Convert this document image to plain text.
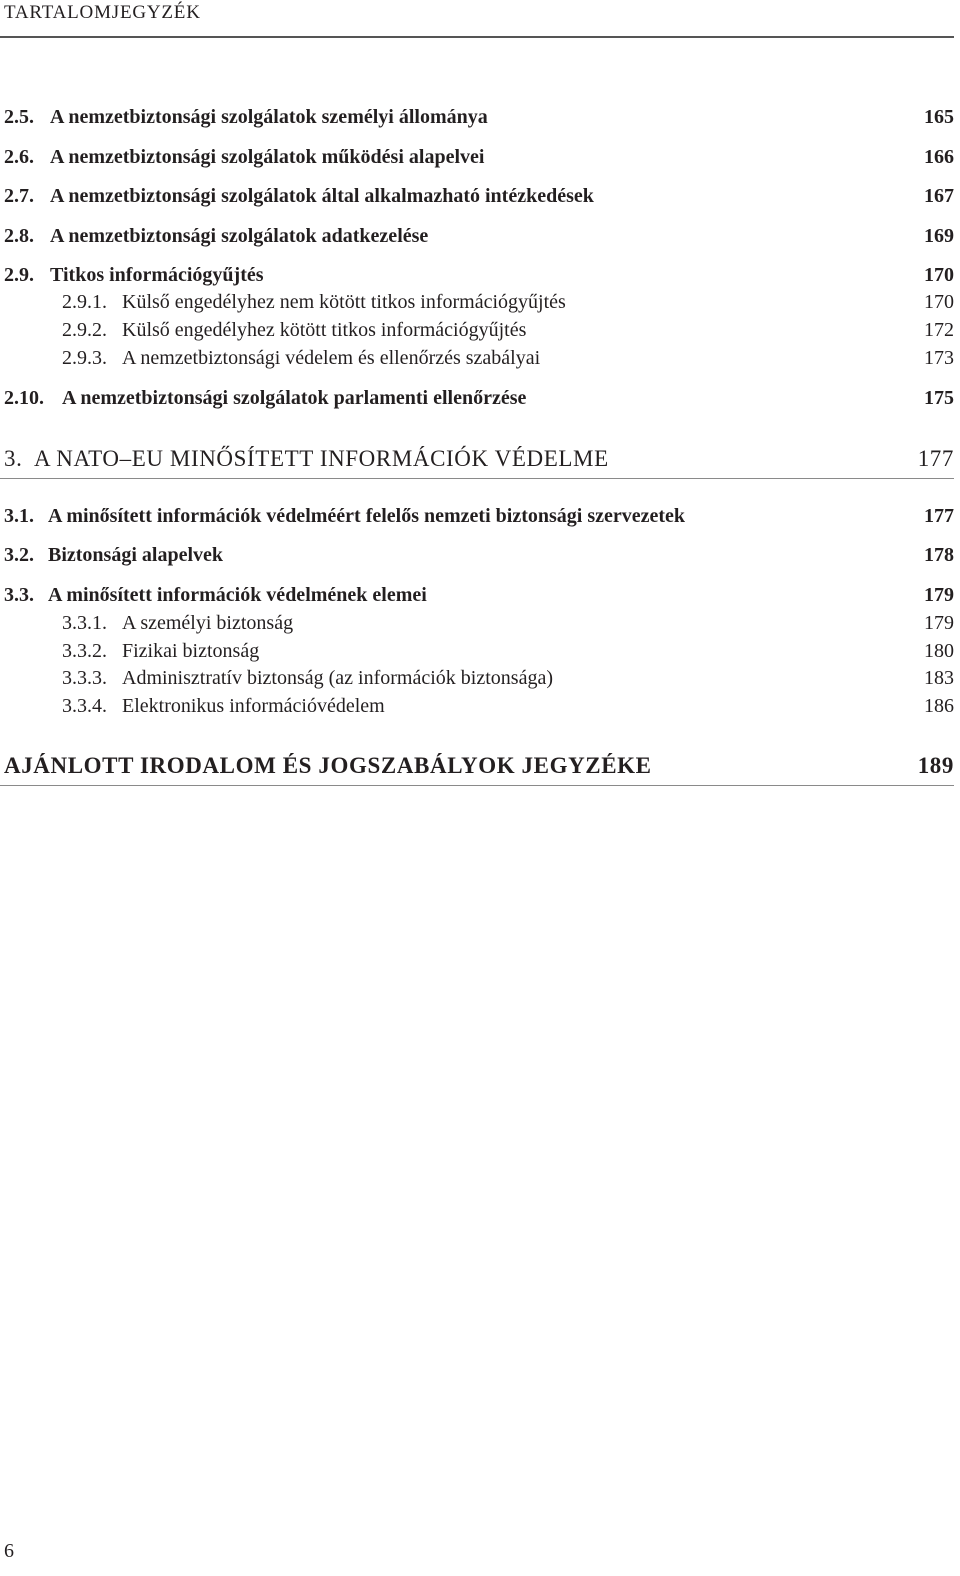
TARTALOMJEGYZÉK
2.5. A nemzetbiztonsági szolgálatok személyi állománya	165
2.6. A nemzetbiztonsági szolgálatok működési alapelvei	166
2.7. A nemzetbiztonsági szolgálatok által alkalmazható intézkedések	167
2.8. A nemzetbiztonsági szolgálatok adatkezelése	169
2.9. Titkos információgyűjtés	170
2.9.1. Külső engedélyhez nem kötött titkos információgyűjtés	170
2.9.2. Külső engedélyhez kötött titkos információgyűjtés	172
2.9.3. A nemzetbiztonsági védelem és ellenőrzés szabályai	173
2.10. A nemzetbiztonsági szolgálatok parlamenti ellenőrzése	175
3. A NATO–EU MINŐSÍTETT INFORMÁCIÓK VÉDELME	177
3.1. A minősített információk védelméért felelős nemzeti biztonsági szervezetek	177
3.2. Biztonsági alapelvek	178
3.3. A minősített információk védelmének elemei	179
3.3.1. A személyi biztonság	179
3.3.2. Fizikai biztonság	180
3.3.3. Adminisztratív biztonság (az információk biztonsága)	183
3.3.4. Elektronikus információvédelem	186
AJÁNLOTT IRODALOM ÉS JOGSZABÁLYOK JEGYZÉKE	189
6
